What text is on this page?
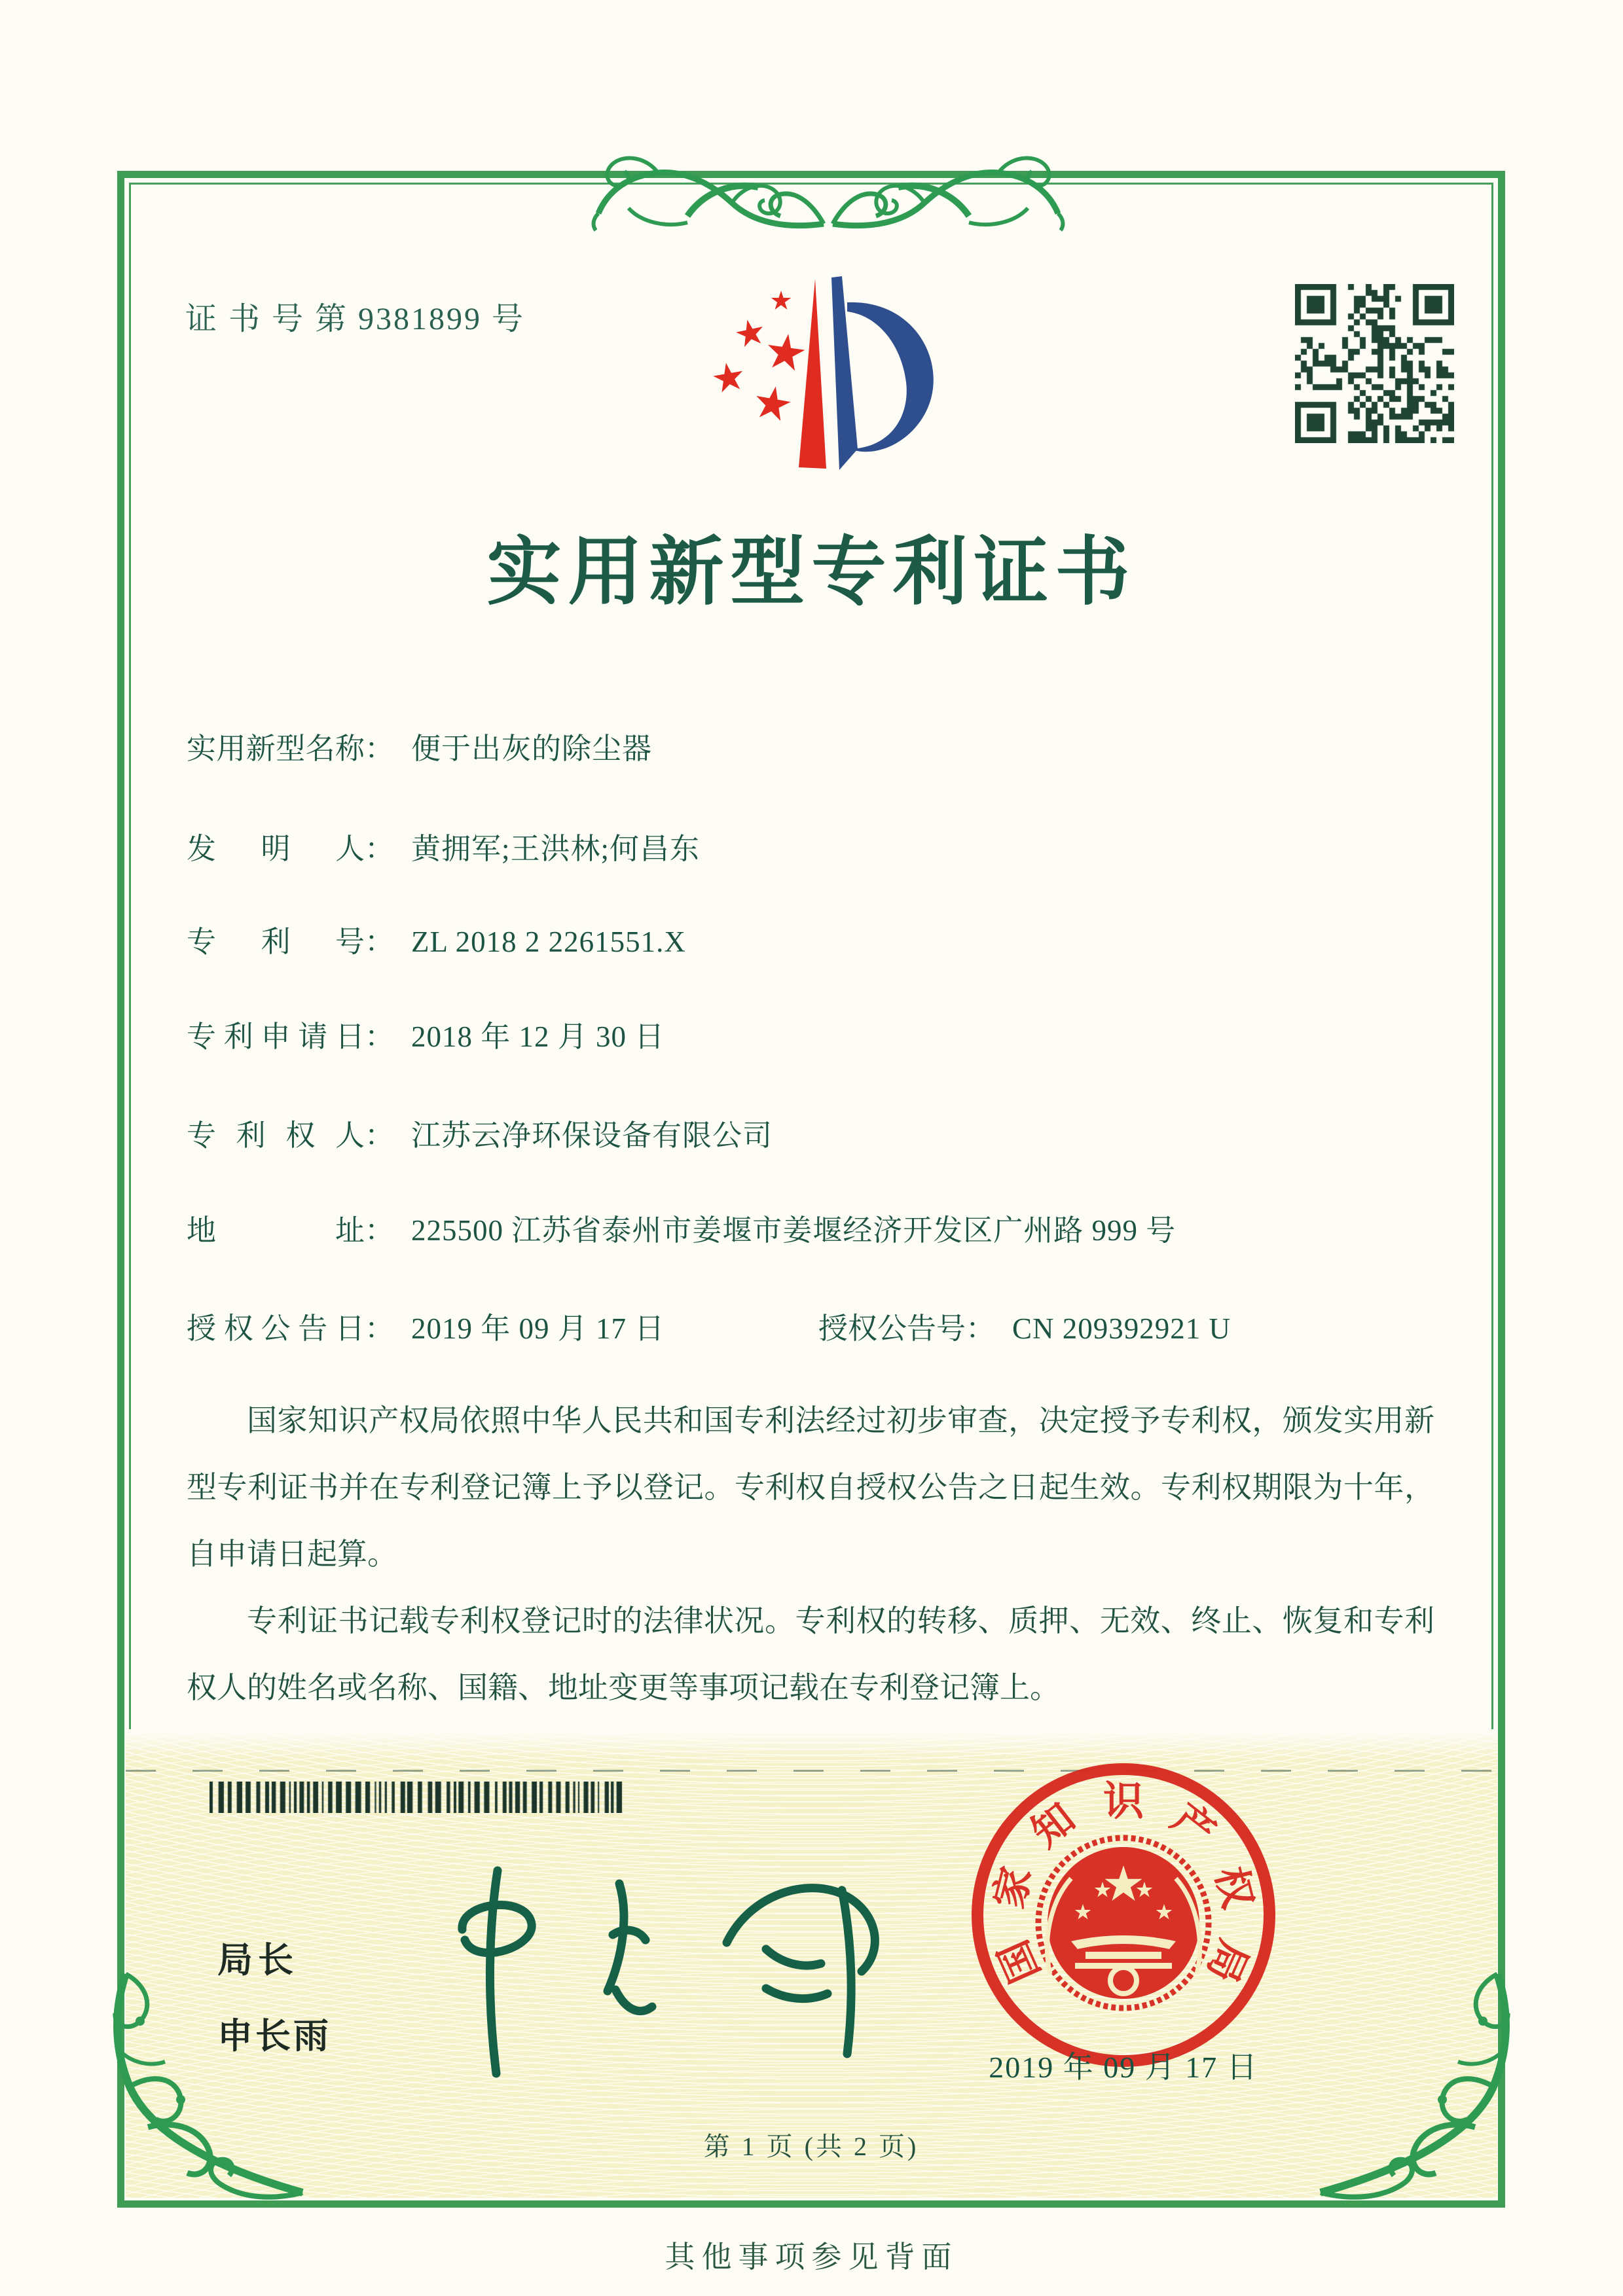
证 书 号 第 9381899 号
实用新型专利证书
实用新型名称： 便于出灰的除尘器
发明人： 黄拥军;王洪林;何昌东
专利号： ZL 2018 2 2261551.X
专利申请日： 2018 年 12 月 30 日
专利权人： 江苏云净环保设备有限公司
地址： 225500 江苏省泰州市姜堰市姜堰经济开发区广州路 999 号
授权公告日： 2019 年 09 月 17 日	授权公告号： CN 209392921 U

国家知识产权局依照中华人民共和国专利法经过初步审查，决定授予专利权，颁发实用新型专利证书并在专利登记簿上予以登记。专利权自授权公告之日起生效。专利权期限为十年，自申请日起算。

专利证书记载专利权登记时的法律状况。专利权的转移、质押、无效、终止、恢复和专利权人的姓名或名称、国籍、地址变更等事项记载在专利登记簿上。

局长
申长雨
国
家
知 识 产
权
局
2019 年 09 月 17 日
第 1 页 (共 2 页)
其他事项参见背面
